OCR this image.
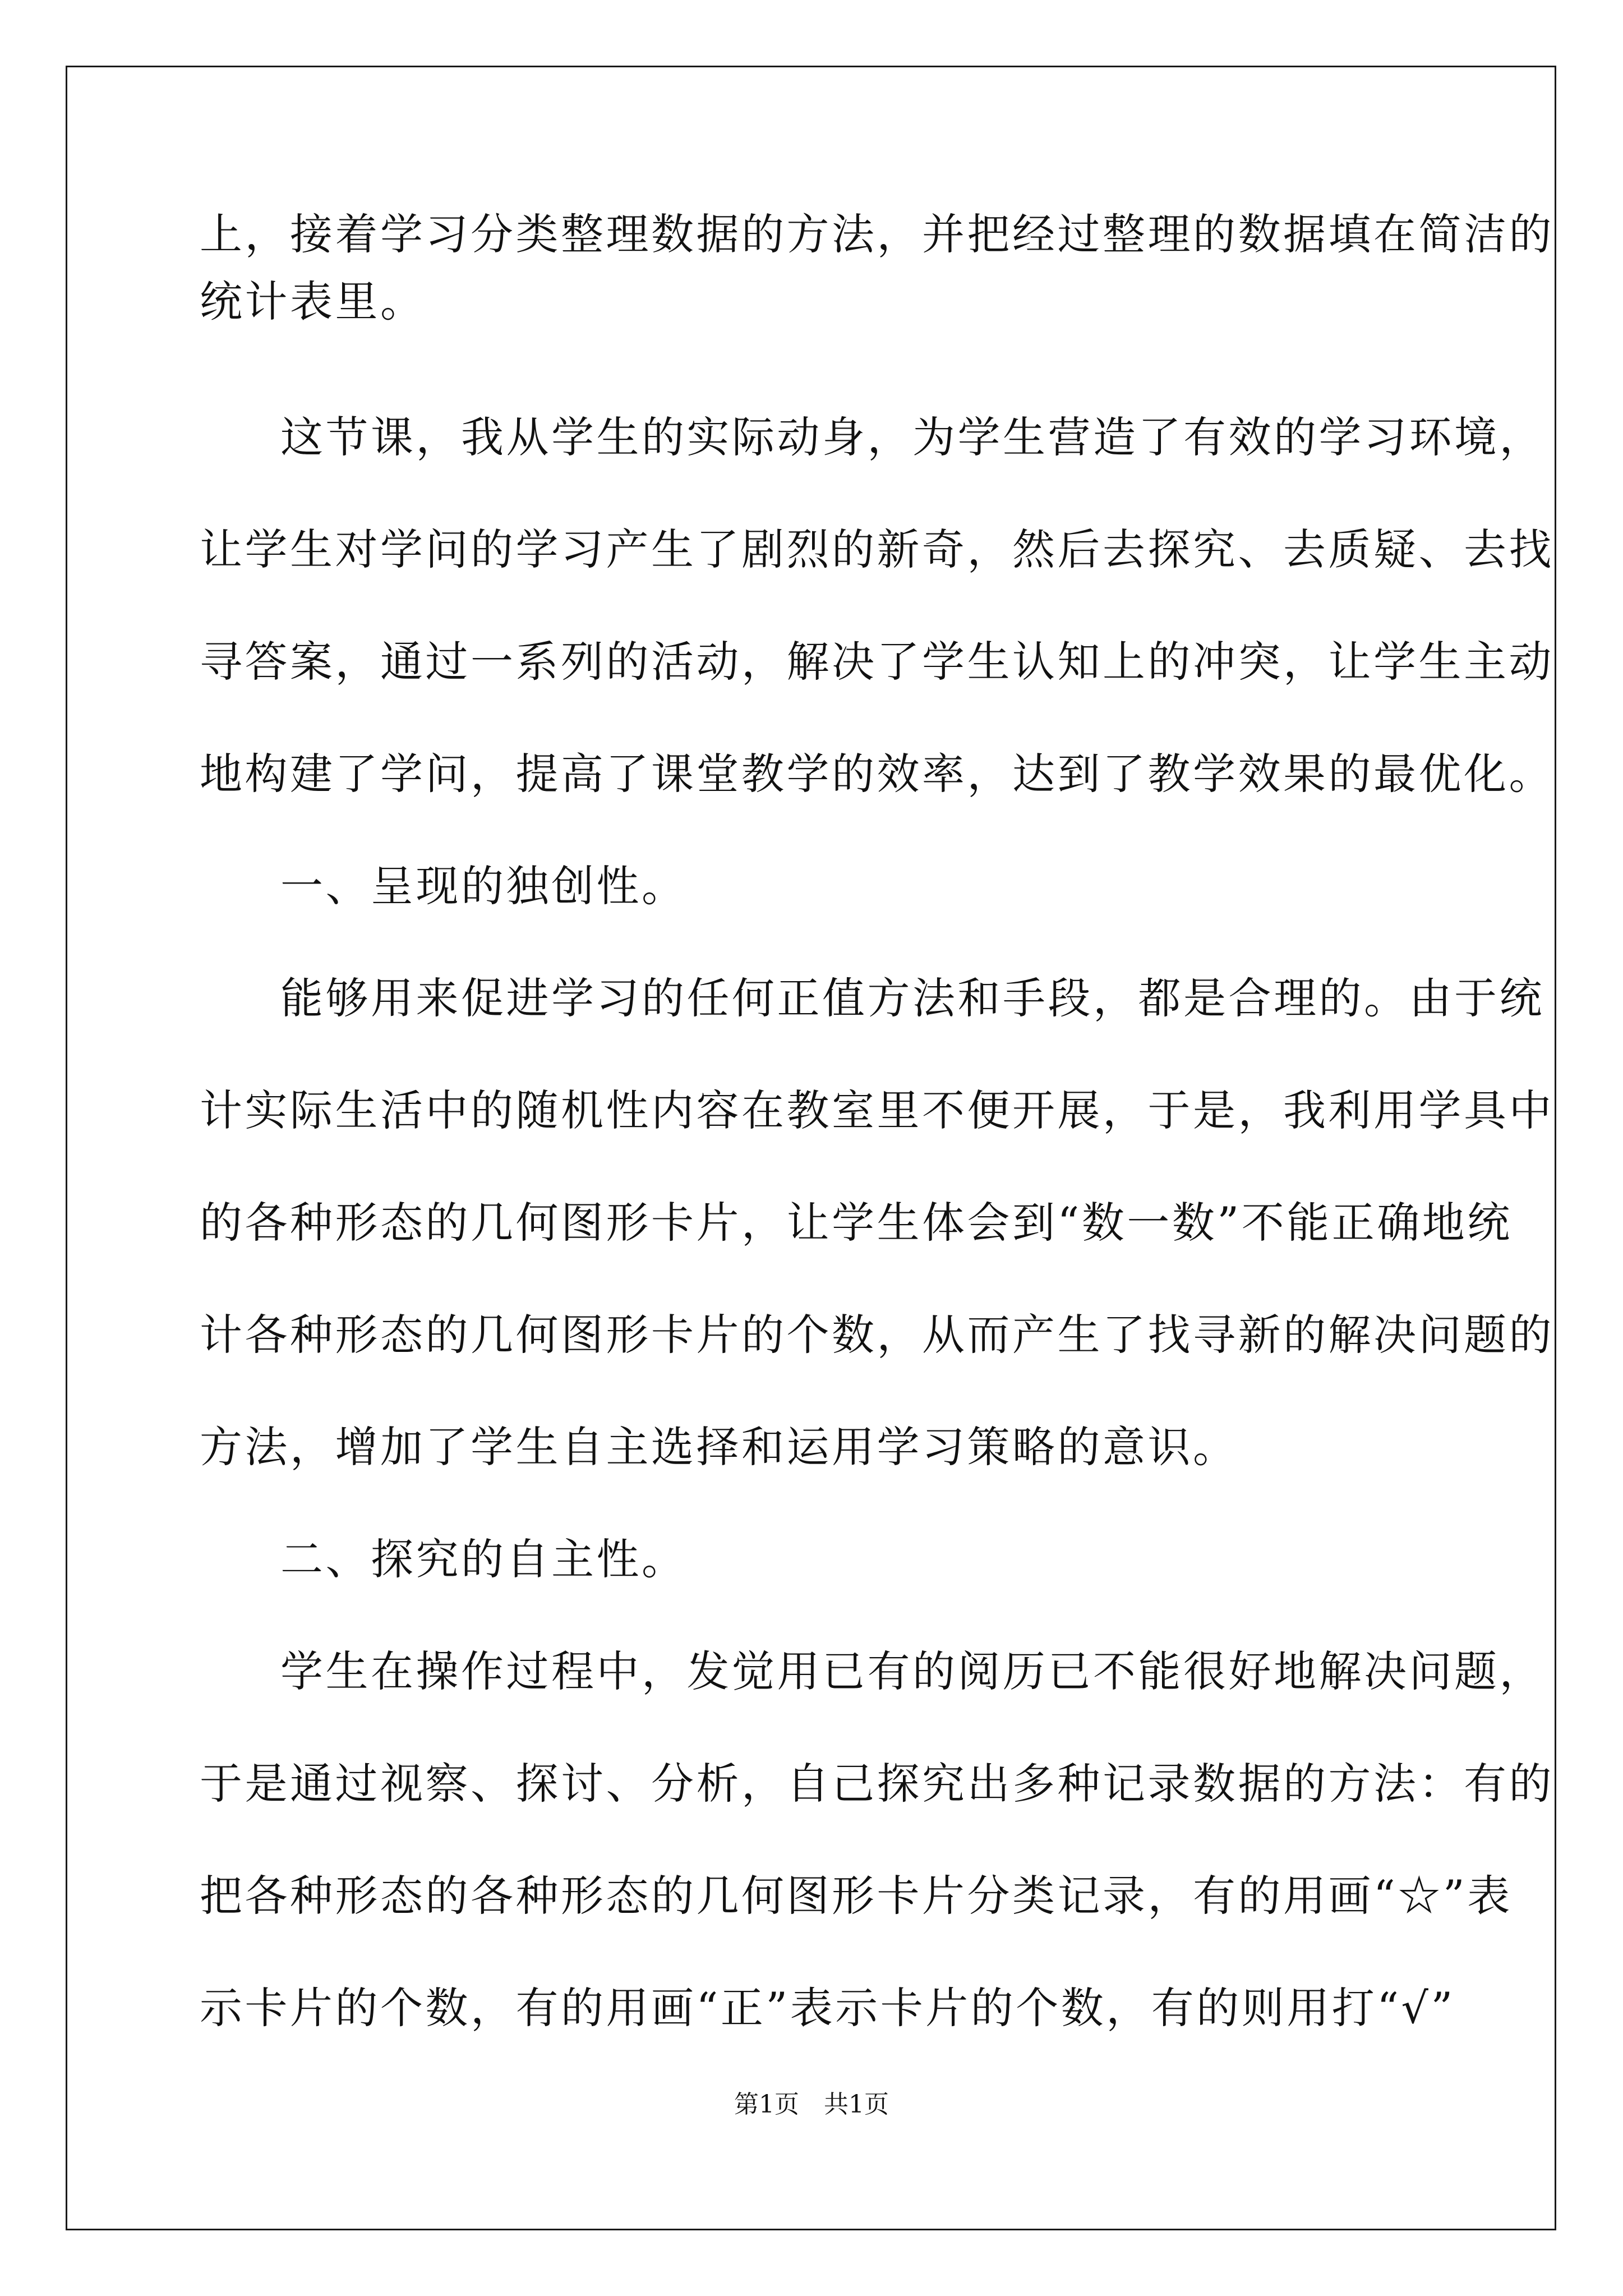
上，接着学习分类整理数据的方法，并把经过整理的数据填在简洁的
统计表里。
这节课，我从学生的实际动身，为学生营造了有效的学习环境，
让学生对学问的学习产生了剧烈的新奇，然后去探究、去质疑、去找
寻答案，通过一系列的活动，解决了学生认知上的冲突，让学生主动
地构建了学问，提高了课堂教学的效率，达到了教学效果的最优化。
一、呈现的独创性。
能够用来促进学习的任何正值方法和手段，都是合理的。由于统
计实际生活中的随机性内容在教室里不便开展，于是，我利用学具中
的各种形态的几何图形卡片，让学生体会到“数一数”不能正确地统
计各种形态的几何图形卡片的个数，从而产生了找寻新的解决问题的
方法，增加了学生自主选择和运用学习策略的意识。
二、探究的自主性。
学生在操作过程中，发觉用已有的阅历已不能很好地解决问题，
于是通过视察、探讨、分析，自己探究出多种记录数据的方法：有的
把各种形态的各种形态的几何图形卡片分类记录，有的用画“☆”表
示卡片的个数，有的用画“正”表示卡片的个数，有的则用打“√”
第1页　共1页
